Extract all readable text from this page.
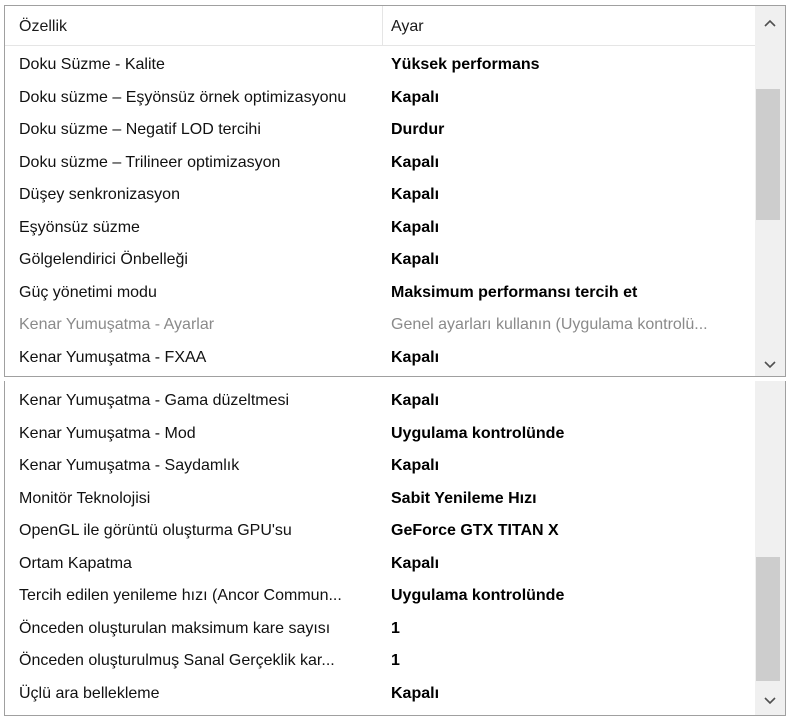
Özellik	Ayar
Doku Süzme - Kalite	Yüksek performans
Doku süzme – Eşyönsüz örnek optimizasyonu	Kapalı
Doku süzme – Negatif LOD tercihi	Durdur
Doku süzme – Trilineer optimizasyon	Kapalı
Düşey senkronizasyon	Kapalı
Eşyönsüz süzme	Kapalı
Gölgelendirici Önbelleği	Kapalı
Güç yönetimi modu	Maksimum performansı tercih et
Kenar Yumuşatma - Ayarlar	Genel ayarları kullanın (Uygulama kontrolü...
Kenar Yumuşatma - FXAA	Kapalı
Kenar Yumuşatma - Gama düzeltmesi	Kapalı
Kenar Yumuşatma - Mod	Uygulama kontrolünde
Kenar Yumuşatma - Saydamlık	Kapalı
Monitör Teknolojisi	Sabit Yenileme Hızı
OpenGL ile görüntü oluşturma GPU'su	GeForce GTX TITAN X
Ortam Kapatma	Kapalı
Tercih edilen yenileme hızı (Ancor Commun...	Uygulama kontrolünde
Önceden oluşturulan maksimum kare sayısı	1
Önceden oluşturulmuş Sanal Gerçeklik kar...	1
Üçlü ara bellekleme	Kapalı
